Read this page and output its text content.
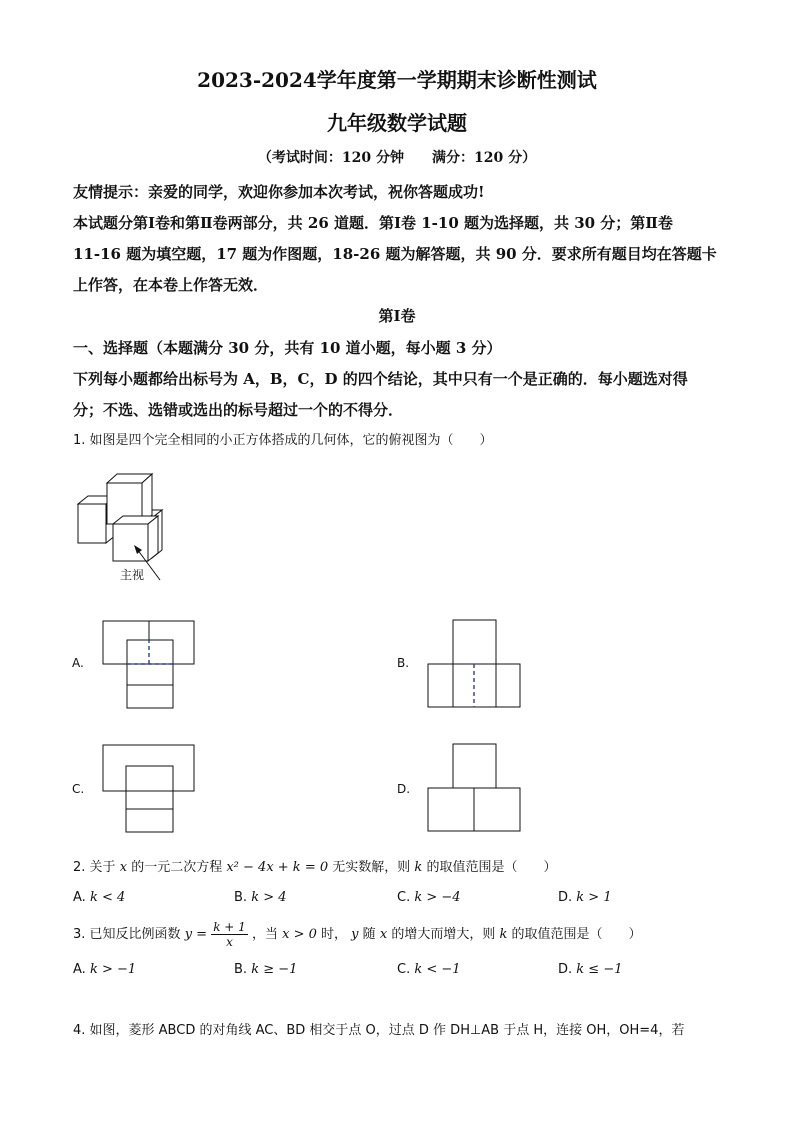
2023-2024学年度第一学期期末诊断性测试
九年级数学试题
（考试时间：120 分钟　　满分：120 分）
友情提示：亲爱的同学，欢迎你参加本次考试，祝你答题成功!
本试题分第Ⅰ卷和第Ⅱ卷两部分，共 26 道题．第Ⅰ卷 1-10 题为选择题，共 30 分；第Ⅱ卷
11-16 题为填空题，17 题为作图题，18-26 题为解答题，共 90 分．要求所有题目均在答题卡
上作答，在本卷上作答无效．
第Ⅰ卷
一、选择题（本题满分 30 分，共有 10 道小题，每小题 3 分）
下列每小题都给出标号为 A，B，C，D 的四个结论，其中只有一个是正确的．每小题选对得
分；不选、选错或选出的标号超过一个的不得分．
1. 如图是四个完全相同的小正方体搭成的几何体，它的俯视图为（　　）
主视
A.	B.
C.	D.
2. 关于 x 的一元二次方程 x² − 4x + k = 0 无实数解，则 k 的取值范围是（　　）
A. k < 4	B. k > 4	C. k > −4	D. k > 1
3. 已知反比例函数 $y = \frac{k + 1}{x}$ ，当 x > 0 时， y 随 x 的增大而增大，则 k 的取值范围是（　　）
A. k > −1	B. k ≥ −1	C. k < −1	D. k ≤ −1
4. 如图，菱形 ABCD 的对角线 AC、BD 相交于点 O，过点 D 作 DH⊥AB 于点 H，连接 OH，OH=4，若
